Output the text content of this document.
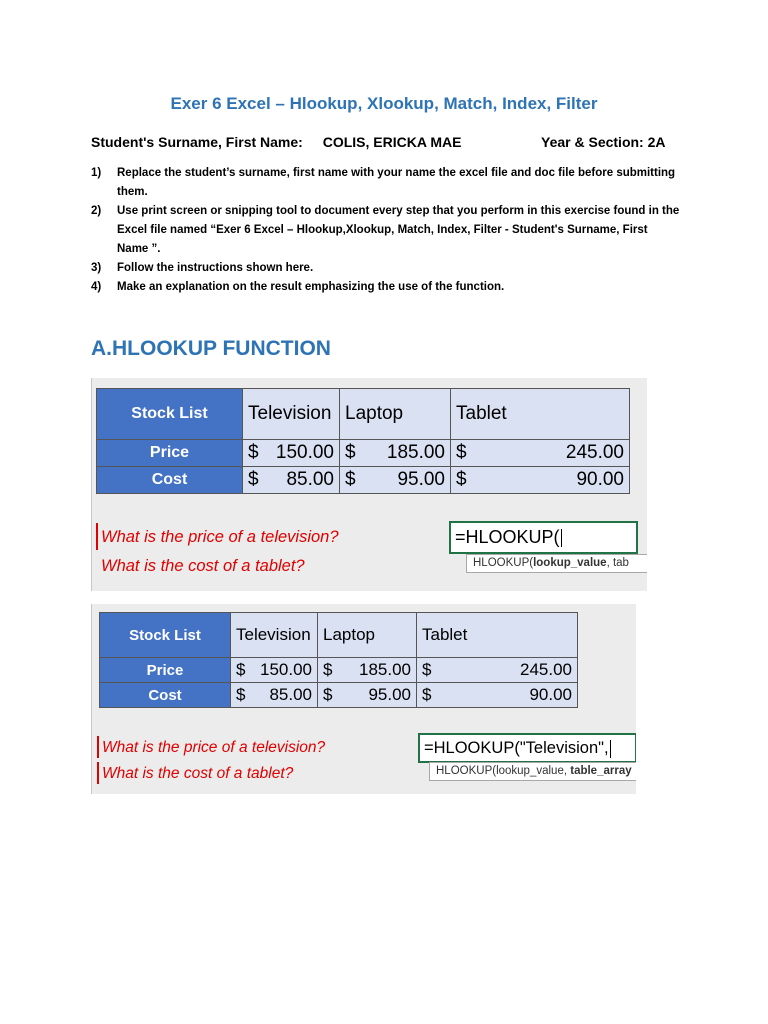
Exer 6 Excel – Hlookup, Xlookup, Match, Index, Filter
Student's Surname, First Name: COLIS, ERICKA MAE	Year & Section: 2A
1)	Replace the student’s surname, first name with your name the excel file and doc file before submitting them.
2)	Use print screen or snipping tool to document every step that you perform in this exercise found in the Excel file named “Exer 6 Excel – Hlookup,Xlookup, Match, Index, Filter - Student's Surname, First Name ”.
3)	Follow the instructions shown here.
4)	Make an explanation on the result emphasizing the use of the function.
A.HLOOKUP FUNCTION
Stock List	Television	Laptop	Tablet
Price	$ 150.00	$ 185.00	$ 245.00

Cost	$ 85.00	$ 95.00	$ 90.00
What is the price of a television?
What is the cost of a tablet?
=HLOOKUP(
HLOOKUP(lookup_value, tab
Stock List	Television	Laptop	Tablet
Price	$ 150.00	$ 185.00	$ 245.00

Cost	$ 85.00	$ 95.00	$ 90.00
What is the price of a television?
What is the cost of a tablet?
=HLOOKUP("Television",
HLOOKUP(lookup_value, table_array
